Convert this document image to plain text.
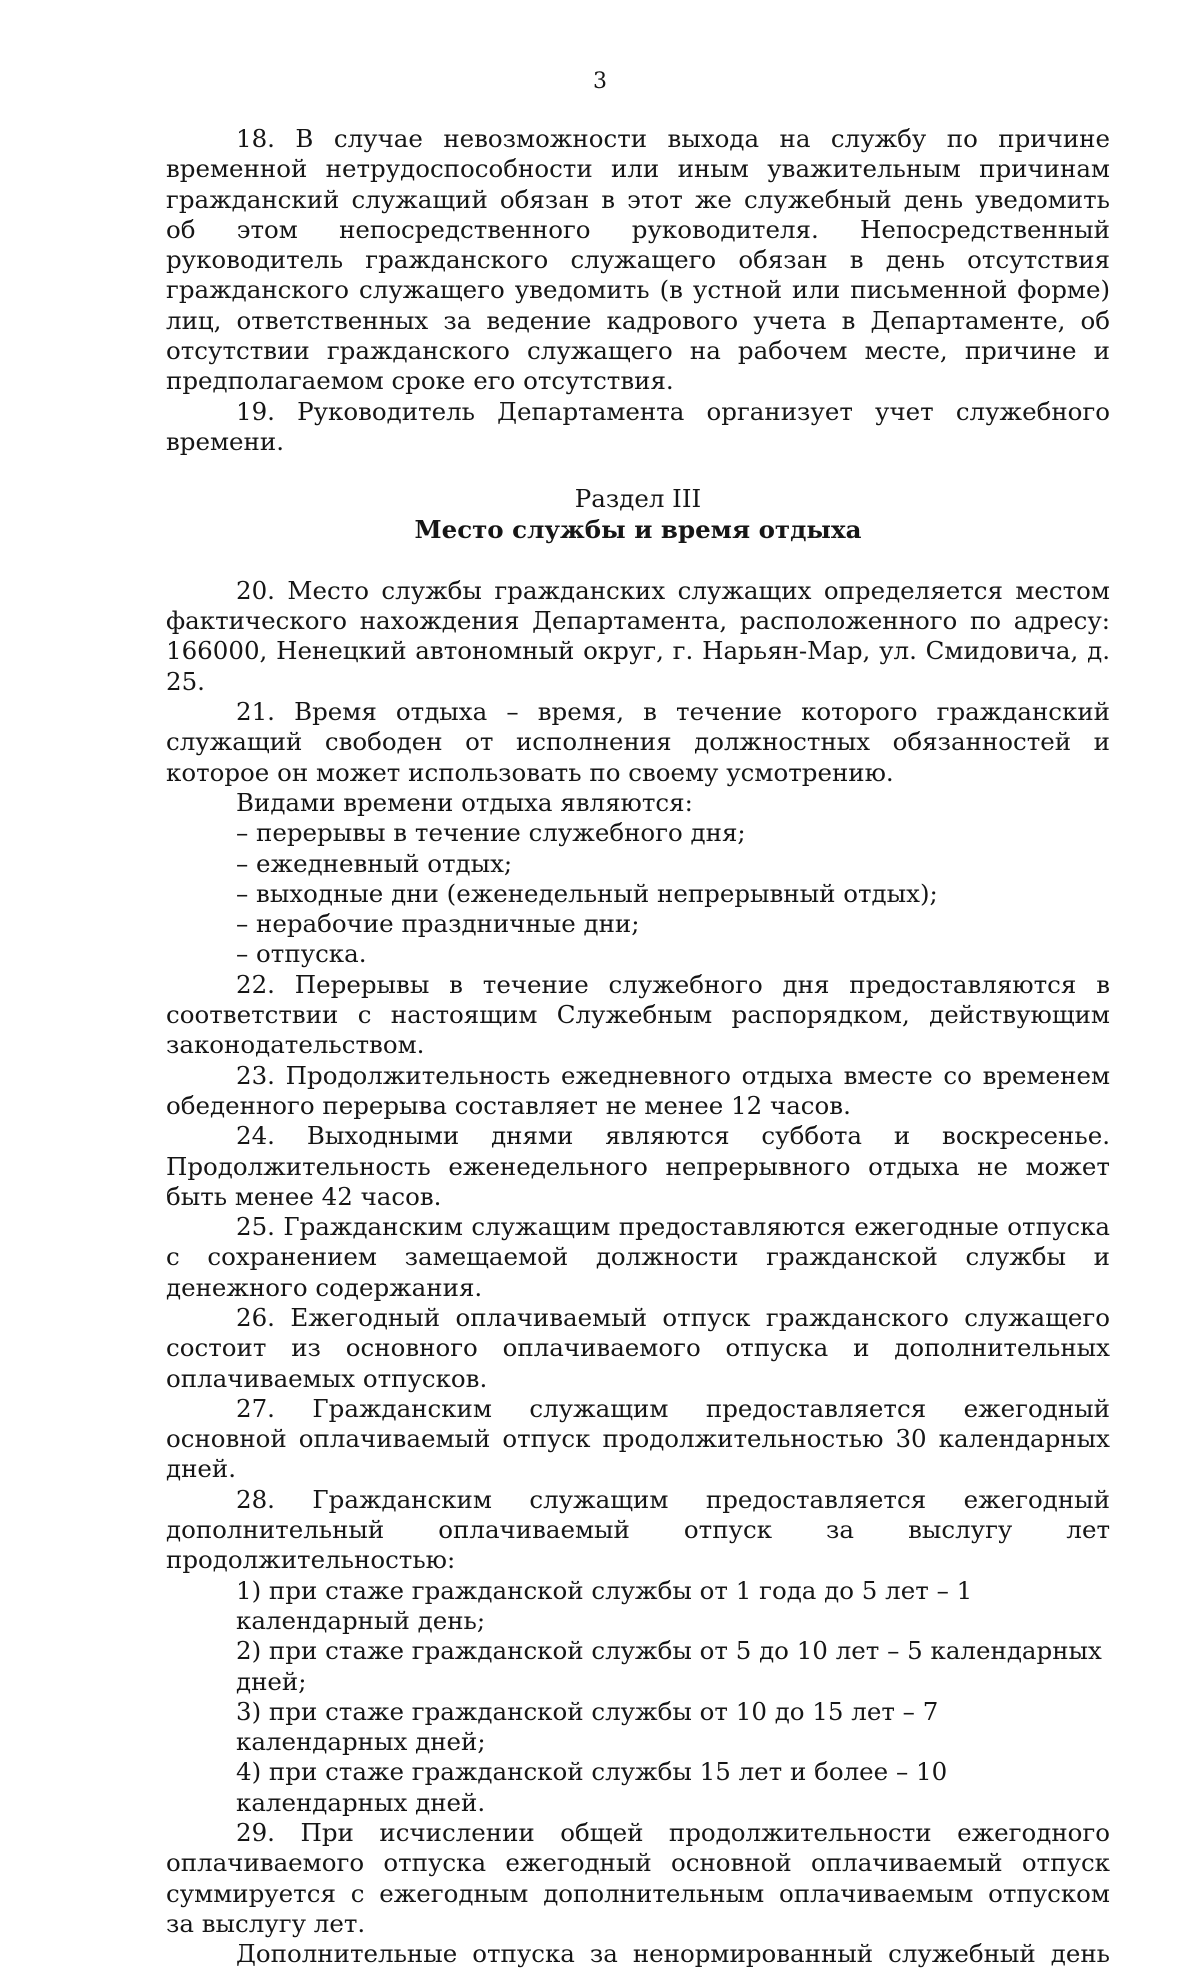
3

18. В случае невозможности выхода на службу по причине временной нетрудоспособности или иным уважительным причинам гражданский служащий обязан в этот же служебный день уведомить об этом непосредственного руководителя. Непосредственный руководитель гражданского служащего обязан в день отсутствия гражданского служащего уведомить (в устной или письменной форме) лиц, ответственных за ведение кадрового учета в Департаменте, об отсутствии гражданского служащего на рабочем месте, причине и предполагаемом сроке его отсутствия.

19. Руководитель Департамента организует учет служебного времени.

Раздел III

Место службы и время отдыха

20. Место службы гражданских служащих определяется местом фактического нахождения Департамента, расположенного по адресу: 166000, Ненецкий автономный округ, г. Нарьян-Мар, ул. Смидовича, д. 25.

21. Время отдыха – время, в течение которого гражданский служащий свободен от исполнения должностных обязанностей и которое он может использовать по своему усмотрению.

Видами времени отдыха являются:

– перерывы в течение служебного дня;

– ежедневный отдых;

– выходные дни (еженедельный непрерывный отдых);

– нерабочие праздничные дни;

– отпуска.

22. Перерывы в течение служебного дня предоставляются в соответствии с настоящим Служебным распорядком, действующим законодательством.

23. Продолжительность ежедневного отдыха вместе со временем обеденного перерыва составляет не менее 12 часов.

24. Выходными днями являются суббота и воскресенье. Продолжительность еженедельного непрерывного отдыха не может быть менее 42 часов.

25. Гражданским служащим предоставляются ежегодные отпуска с сохранением замещаемой должности гражданской службы и денежного содержания.

26. Ежегодный оплачиваемый отпуск гражданского служащего состоит из основного оплачиваемого отпуска и дополнительных оплачиваемых отпусков.

27. Гражданским служащим предоставляется ежегодный основной оплачиваемый отпуск продолжительностью 30 календарных дней.

28. Гражданским служащим предоставляется ежегодный дополнительный оплачиваемый отпуск за выслугу лет продолжительностью:

1) при стаже гражданской службы от 1 года до 5 лет – 1 календарный день;

2) при стаже гражданской службы от 5 до 10 лет – 5 календарных дней;

3) при стаже гражданской службы от 10 до 15 лет – 7 календарных дней;

4) при стаже гражданской службы 15 лет и более – 10 календарных дней.

29. При исчислении общей продолжительности ежегодного оплачиваемого отпуска ежегодный основной оплачиваемый отпуск суммируется с ежегодным дополнительным оплачиваемым отпуском за выслугу лет.

Дополнительные отпуска за ненормированный служебный день
